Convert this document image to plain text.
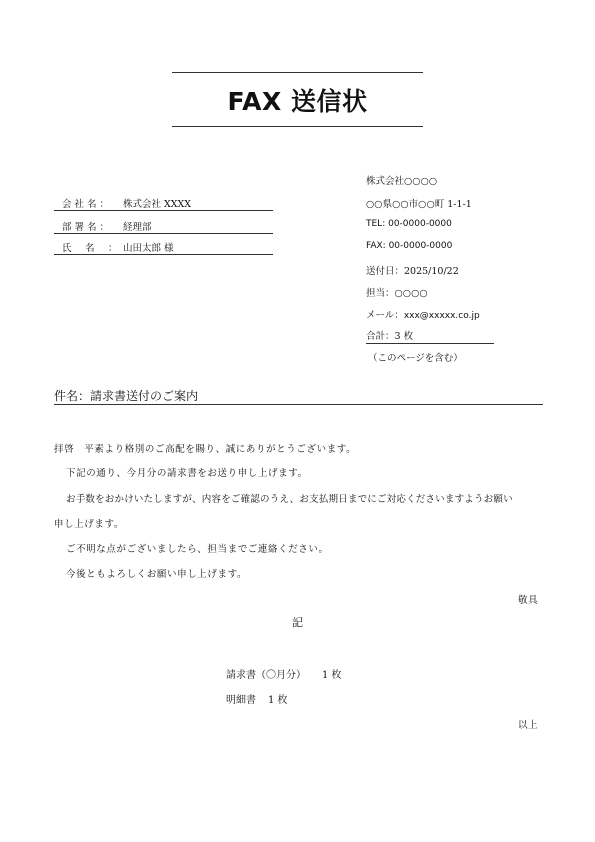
FAX 送信状
会社名： 株式会社 XXXX
部署名： 経理部
氏　名　： 山田太郎 様
株式会社○○○○
○○県○○市○○町 1-1-1
TEL: 00-0000-0000
FAX: 00-0000-0000
送付日：2025/10/22
担当：○○○○
メール：xxx@xxxxx.co.jp
合計：3 枚
（このページを含む）
件名：請求書送付のご案内
拝啓　平素より格別のご高配を賜り、誠にありがとうございます。
下記の通り、今月分の請求書をお送り申し上げます。
お手数をおかけいたしますが、内容をご確認のうえ、お支払期日までにご対応くださいますようお願い
申し上げます。
ご不明な点がございましたら、担当までご連絡ください。
今後ともよろしくお願い申し上げます。
敬具
記
請求書（〇月分） 1 枚
明細書 1 枚
以上
